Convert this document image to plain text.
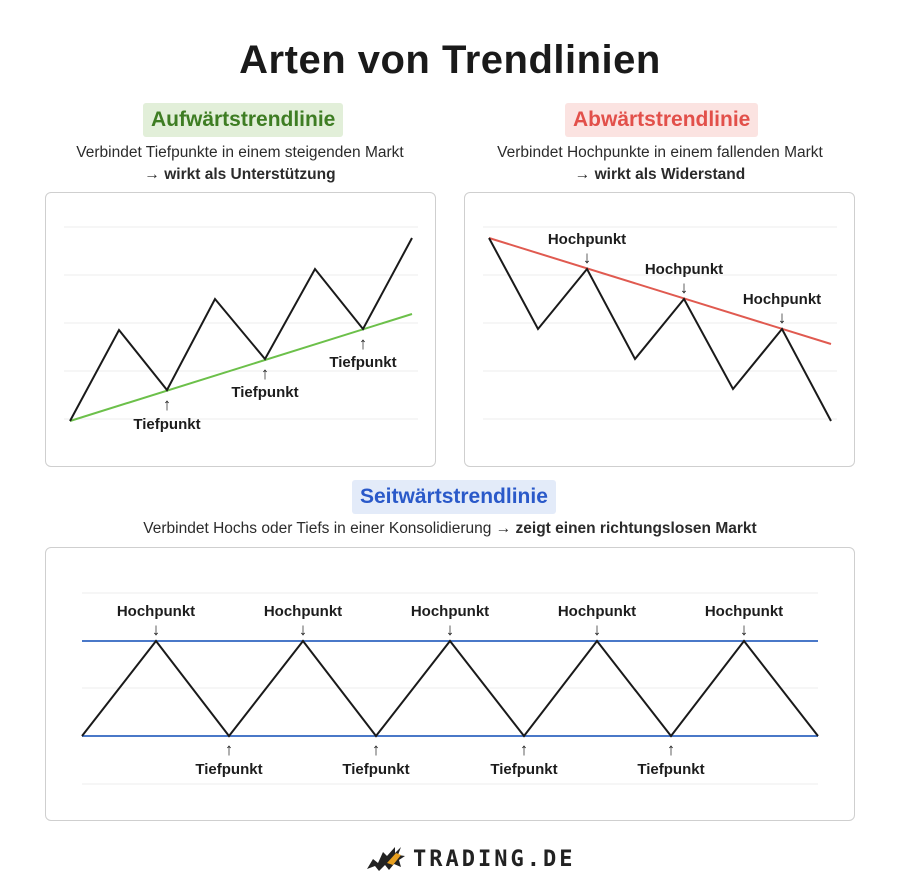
Arten von Trendlinien
Aufwärtstrendlinie
Verbindet Tiefpunkte in einem steigenden Markt
→ wirkt als Unterstützung
↑
Tiefpunkt
↑
Tiefpunkt
↑
Tiefpunkt
Abwärtstrendlinie
Verbindet Hochpunkte in einem fallenden Markt
→ wirkt als Widerstand
Hochpunkt
↓
Hochpunkt
↓
Hochpunkt
↓
Seitwärtstrendlinie
Verbindet Hochs oder Tiefs in einer Konsolidierung → zeigt einen richtungslosen Markt
Hochpunkt
↓
Hochpunkt
↓
Hochpunkt
↓
Hochpunkt
↓
Hochpunkt
↓
↑
Tiefpunkt
↑
Tiefpunkt
↑
Tiefpunkt
↑
Tiefpunkt
TRADING.DE
